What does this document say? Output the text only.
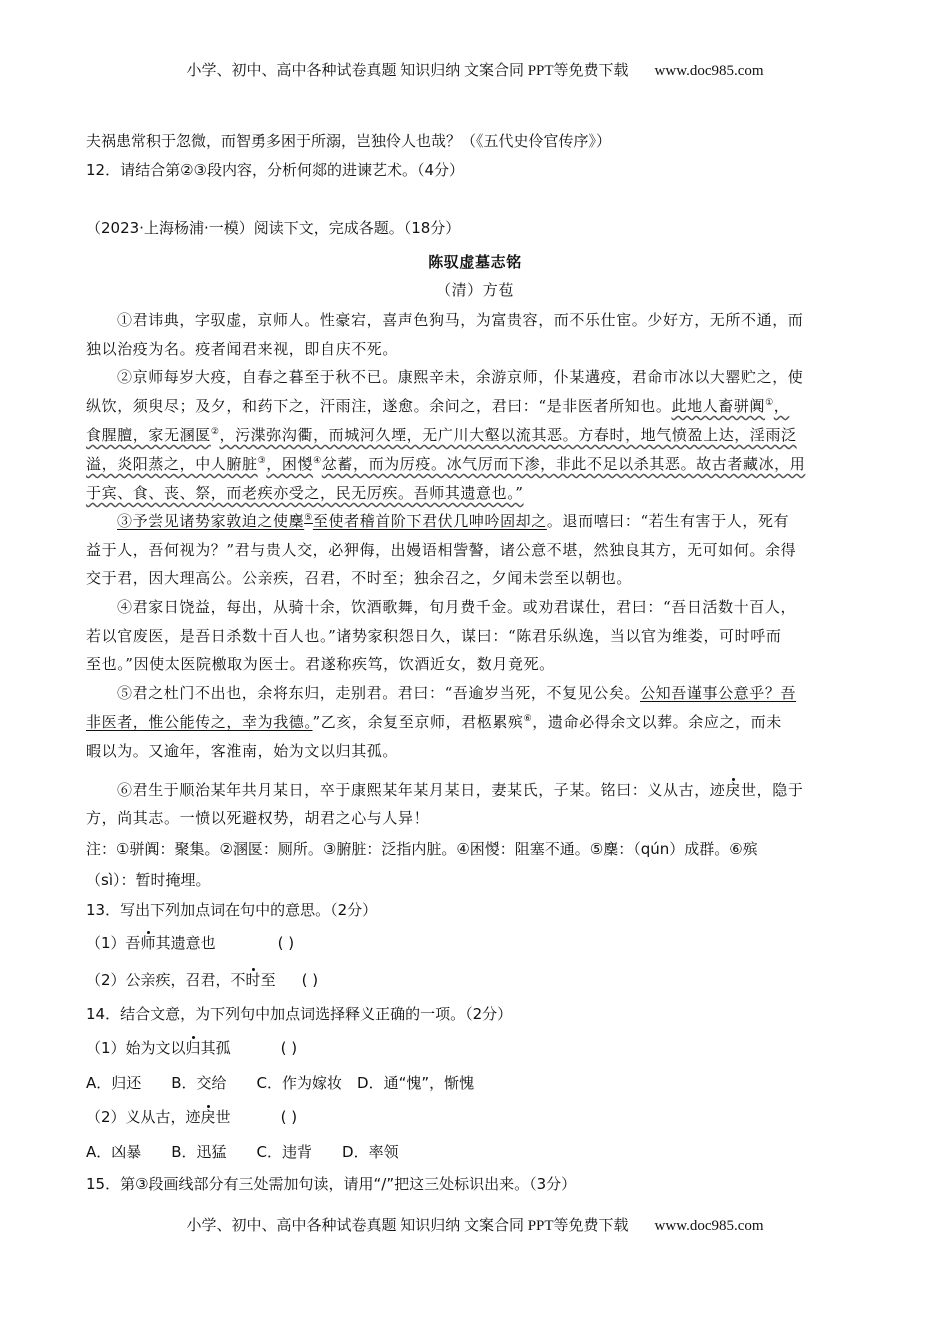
小学、初中、高中各种试卷真题 知识归纳 文案合同 PPT等免费下载 www.doc985.com
夫祸患常积于忽微，而智勇多困于所溺，岂独伶人也哉？（《五代史伶官传序》）
12．请结合第②③段内容，分析何郯的进谏艺术。（4分）
（2023·上海杨浦·一模）阅读下文，完成各题。（18分）
陈驭虚墓志铭
（清）方苞
①君讳典，字驭虚，京师人。性豪宕，喜声色狗马，为富贵容，而不乐仕宦。少好方，无所不通，而
独以治疫为名。疫者闻君来视，即自庆不死。
②京师每岁大疫，自春之暮至于秋不已。康熙辛未，余游京师，仆某遘疫，君命市冰以大罂贮之，使
纵饮，须臾尽；及夕，和药下之，汗雨注，遂愈。余问之，君曰：“是非医者所知也。此地人畜骈阗①，
食腥膻，家无溷匽②，污渫弥沟衢，而城河久堙，无广川大壑以流其恶。方春时，地气愤盈上达，淫雨泛
溢，炎阳蒸之，中人腑脏③，困惾④忿蓄，而为厉疫。冰气厉而下渗，非此不足以杀其恶。故古者藏冰，用
于宾、食、丧、祭，而老疾亦受之，民无厉疾。吾师其遗意也。”
③予尝见诸势家敦迫之使麇⑤至使者稽首阶下君伏几呻吟固却之。退而嘻曰：“若生有害于人，死有
益于人，吾何视为？”君与贵人交，必狎侮，出嫚语相訾謷，诸公意不堪，然独良其方，无可如何。余得
交于君，因大理高公。公亲疾，召君，不时至；独余召之，夕闻未尝至以朝也。
④君家日饶益，每出，从骑十余，饮酒歌舞，旬月费千金。或劝君谋仕，君曰：“吾日活数十百人，
若以官废医，是吾日杀数十百人也。”诸势家积怨日久，谋曰：“陈君乐纵逸，当以官为维娄，可时呼而
至也。”因使太医院檄取为医士。君遂称疾笃，饮酒近女，数月竟死。
⑤君之杜门不出也，余将东归，走别君。君曰：“吾逾岁当死，不复见公矣。公知吾谨事公意乎？吾
非医者，惟公能传之，幸为我德。”乙亥，余复至京师，君柩累殡⑥，遗命必得余文以葬。余应之，而未
暇以为。又逾年，客淮南，始为文以归其孤。
⑥君生于顺治某年共月某日，卒于康熙某年某月某日，妻某氏，子某。铭曰：义从古，迹戾世，隐于
方，尚其志。一愤以死避权势，胡君之心与人异！
注：①骈阗：聚集。②溷匽：厕所。③腑脏：泛指内脏。④困惾：阻塞不通。⑤麇：（qún）成群。⑥殡
（sì）：暂时掩埋。
13．写出下列加点词在句中的意思。（2分）
（1）吾师其遗意也	( )
（2）公亲疾，召君，不时至 ( )
14．结合文意，为下列句中加点词选择释义正确的一项。（2分）
（1）始为文以归其孤	( )
A．归还　　B．交给　　C．作为嫁妆　D．通“愧”，惭愧
（2）义从古，迹戾世	( )
A．凶暴　　B．迅猛　　C．违背　　D．率领
15．第③段画线部分有三处需加句读，请用“/”把这三处标识出来。（3分）
小学、初中、高中各种试卷真题 知识归纳 文案合同 PPT等免费下载 www.doc985.com
